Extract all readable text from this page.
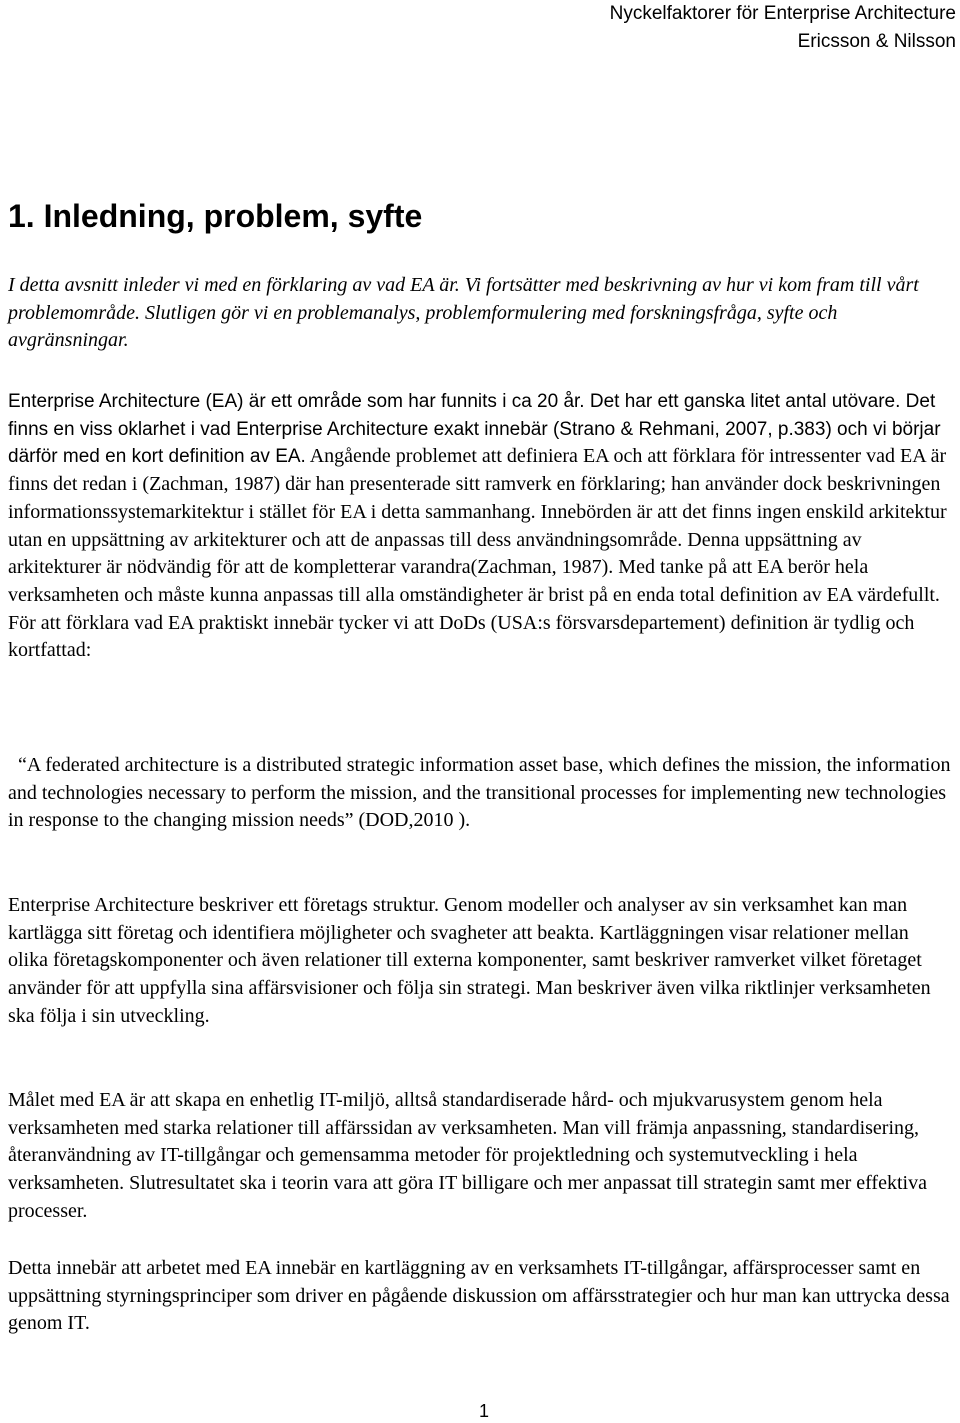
Nyckelfaktorer för Enterprise Architecture
Ericsson & Nilsson
1. Inledning, problem, syfte

I detta avsnitt inleder vi med en förklaring av vad EA är. Vi fortsätter med beskrivning av hur vi kom fram till vårt problemområde. Slutligen gör vi en problemanalys, problemformulering med forskningsfråga, syfte och avgränsningar.

Enterprise Architecture (EA) är ett område som har funnits i ca 20 år. Det har ett ganska litet antal utövare. Det finns en viss oklarhet i vad Enterprise Architecture exakt innebär (Strano & Rehmani, 2007, p.383) och vi börjar därför med en kort definition av EA. Angående problemet att definiera EA och att förklara för intressenter vad EA är finns det redan i (Zachman, 1987) där han presenterade sitt ramverk en förklaring; han använder dock beskrivningen informationssystemarkitektur i stället för EA i detta sammanhang. Innebörden är att det finns ingen enskild arkitektur utan en uppsättning av arkitekturer och att de anpassas till dess användningsområde. Denna uppsättning av arkitekturer är nödvändig för att de kompletterar varandra(Zachman, 1987). Med tanke på att EA berör hela verksamheten och måste kunna anpassas till alla omständigheter är brist på en enda total definition av EA värdefullt. För att förklara vad EA praktiskt innebär tycker vi att DoDs (USA:s försvarsdepartement) definition är tydlig och kortfattad:

“A federated architecture is a distributed strategic information asset base, which defines the mission, the information and technologies necessary to perform the mission, and the transitional processes for implementing new technologies in response to the changing mission needs” (DOD,2010 ).

Enterprise Architecture beskriver ett företags struktur. Genom modeller och analyser av sin verksamhet kan man kartlägga sitt företag och identifiera möjligheter och svagheter att beakta. Kartläggningen visar relationer mellan olika företagskomponenter och även relationer till externa komponenter, samt beskriver ramverket vilket företaget använder för att uppfylla sina affärsvisioner och följa sin strategi. Man beskriver även vilka riktlinjer verksamheten ska följa i sin utveckling.

Målet med EA är att skapa en enhetlig IT-miljö, alltså standardiserade hård- och mjukvarusystem genom hela verksamheten med starka relationer till affärssidan av verksamheten. Man vill främja anpassning, standardisering, återanvändning av IT-tillgångar och gemensamma metoder för projektledning och systemutveckling i hela verksamheten. Slutresultatet ska i teorin vara att göra IT billigare och mer anpassat till strategin samt mer effektiva processer.

Detta innebär att arbetet med EA innebär en kartläggning av en verksamhets IT-tillgångar, affärsprocesser samt en uppsättning styrningsprinciper som driver en pågående diskussion om affärsstrategier och hur man kan uttrycka dessa genom IT.

1
